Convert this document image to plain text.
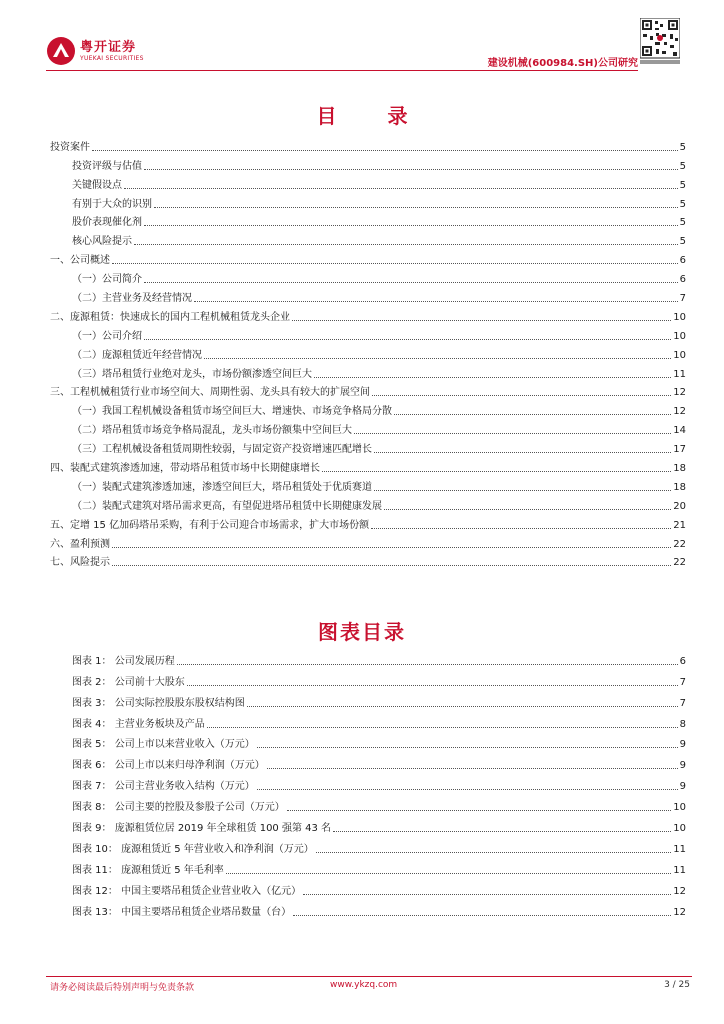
粤开证券
YUEKAI SECURITIES	建设机械(600984.SH)公司研究
目 录
投资案件	5
投资评级与估值	5
关键假设点	5
有别于大众的识别	5
股价表现催化剂	5
核心风险提示	5
一、公司概述	6
（一）公司简介	6
（二）主营业务及经营情况	7
二、庞源租赁：快速成长的国内工程机械租赁龙头企业	10
（一）公司介绍	10
（二）庞源租赁近年经营情况	10
（三）塔吊租赁行业绝对龙头，市场份额渗透空间巨大	11
三、工程机械租赁行业市场空间大、周期性弱、龙头具有较大的扩展空间	12
（一）我国工程机械设备租赁市场空间巨大、增速快、市场竞争格局分散	12
（二）塔吊租赁市场竞争格局混乱，龙头市场份额集中空间巨大	14
（三）工程机械设备租赁周期性较弱，与固定资产投资增速匹配增长	17
四、装配式建筑渗透加速，带动塔吊租赁市场中长期健康增长	18
（一）装配式建筑渗透加速，渗透空间巨大，塔吊租赁处于优质赛道	18
（二）装配式建筑对塔吊需求更高，有望促进塔吊租赁中长期健康发展	20
五、定增 15 亿加码塔吊采购，有利于公司迎合市场需求，扩大市场份额	21
六、盈利预测	22
七、风险提示	22
图表目录
图表 1： 公司发展历程	6
图表 2： 公司前十大股东	7
图表 3： 公司实际控股股东股权结构图	7
图表 4： 主营业务板块及产品	8
图表 5： 公司上市以来营业收入（万元）	9
图表 6： 公司上市以来归母净利润（万元）	9
图表 7： 公司主营业务收入结构（万元）	9
图表 8： 公司主要的控股及参股子公司（万元）	10
图表 9： 庞源租赁位居 2019 年全球租赁 100 强第 43 名	10
图表 10： 庞源租赁近 5 年营业收入和净利润（万元）	11
图表 11： 庞源租赁近 5 年毛利率	11
图表 12： 中国主要塔吊租赁企业营业收入（亿元）	12
图表 13： 中国主要塔吊租赁企业塔吊数量（台）	12
请务必阅读最后特别声明与免责条款	www.ykzq.com	3 / 25
